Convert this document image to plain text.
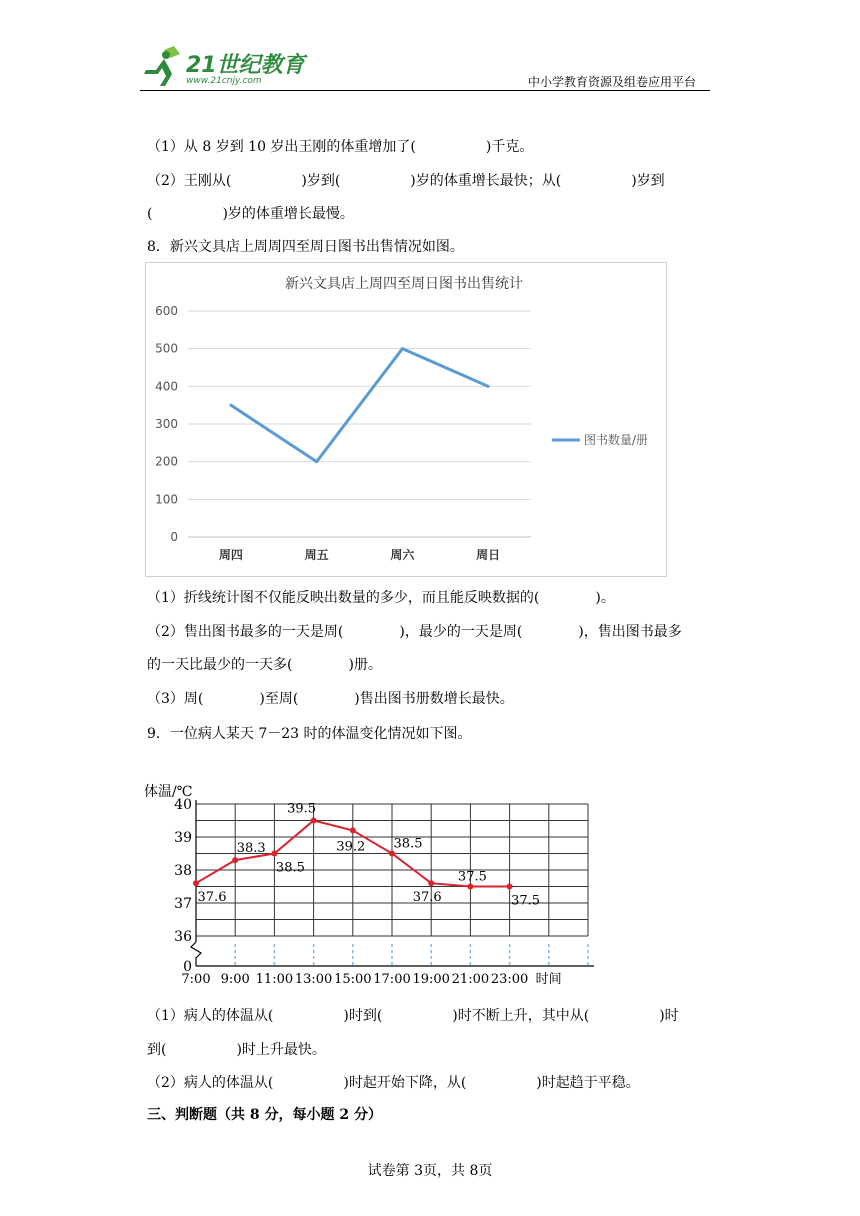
21世纪教育
www.21cnjy.com	中小学教育资源及组卷应用平台
（1）从 8 岁到 10 岁出王刚的体重增加了(　　　　　)千克。
（2）王刚从(　　　　　)岁到(　　　　　)岁的体重增长最快；从(　　　　　)岁到
(　　　　　)岁的体重增长最慢。
8．新兴文具店上周周四至周日图书出售情况如图。
新兴文具店上周四至周日图书出售统计
0
100
200
300
400
500
600
周四	周五	周六	周日
图书数量/册
（1）折线统计图不仅能反映出数量的多少，而且能反映数据的(　　　　)。
（2）售出图书最多的一天是周(　　　　)，最少的一天是周(　　　　)，售出图书最多
的一天比最少的一天多(　　　　)册。
（3）周(　　　　)至周(　　　　)售出图书册数增长最快。
9．一位病人某天 7－23 时的体温变化情况如下图。
体温/℃
0
36
37
38
39
40
7:00 9:00 11:00 13:00 15:00 17:00 19:00 21:00 23:00 时间
37.6
38.3
38.5
39.5
39.2 38.5
37.6
37.5
37.5
（1）病人的体温从(　　　　　)时到(　　　　　)时不断上升，其中从(　　　　　)时
到(　　　　　)时上升最快。
（2）病人的体温从(　　　　　)时起开始下降，从(　　　　　)时起趋于平稳。
三、判断题（共 8 分，每小题 2 分）
试卷第 3页，共 8页
